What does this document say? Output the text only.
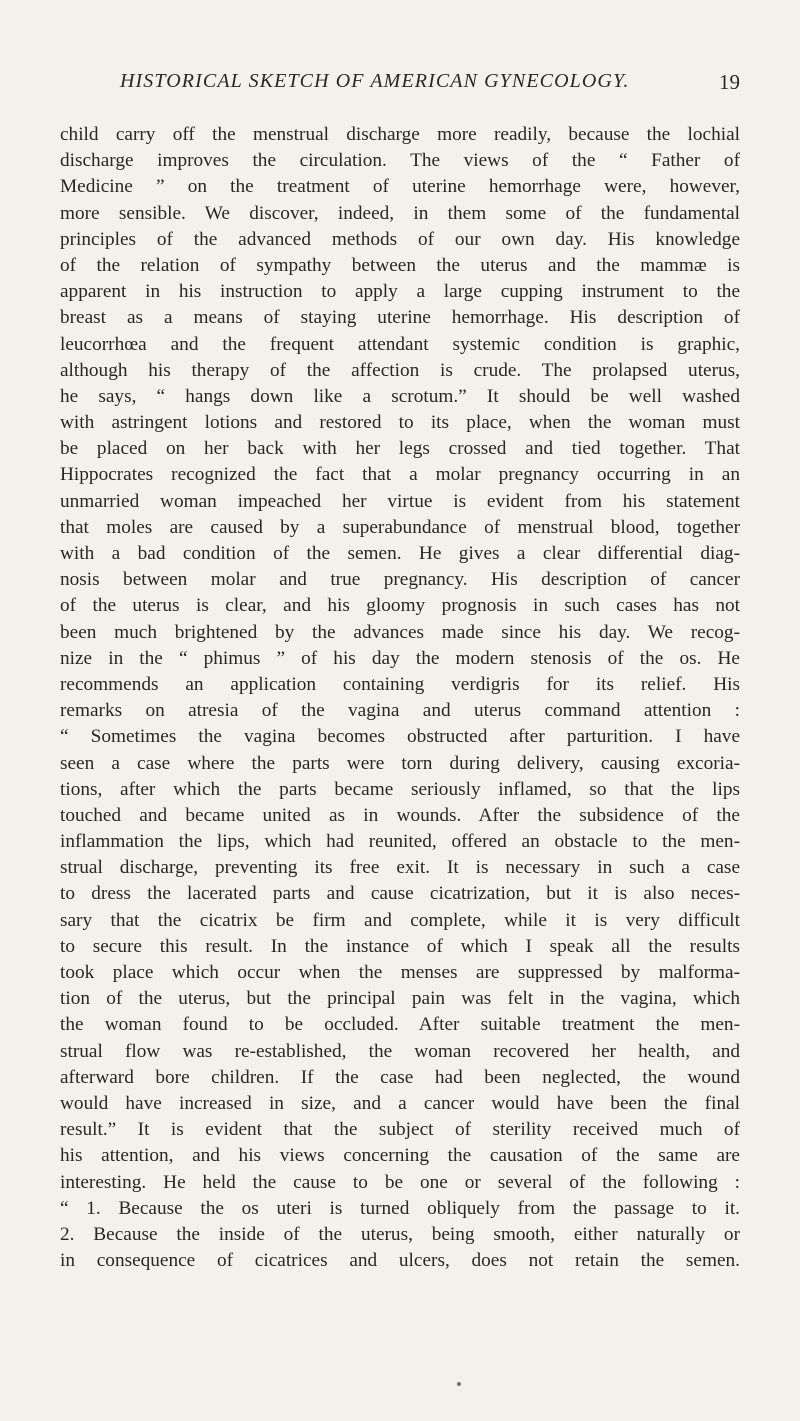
HISTORICAL SKETCH OF AMERICAN GYNECOLOGY.	19
child carry off the menstrual discharge more readily, because the lochial
discharge improves the circulation. The views of the “ Father of
Medicine ” on the treatment of uterine hemorrhage were, however,
more sensible. We discover, indeed, in them some of the fundamental
principles of the advanced methods of our own day. His knowledge
of the relation of sympathy between the uterus and the mammæ is
apparent in his instruction to apply a large cupping instrument to the
breast as a means of staying uterine hemorrhage. His description of
leucorrhœa and the frequent attendant systemic condition is graphic,
although his therapy of the affection is crude. The prolapsed uterus,
he says, “ hangs down like a scrotum.” It should be well washed
with astringent lotions and restored to its place, when the woman must
be placed on her back with her legs crossed and tied together. That
Hippocrates recognized the fact that a molar pregnancy occurring in an
unmarried woman impeached her virtue is evident from his statement
that moles are caused by a superabundance of menstrual blood, together
with a bad condition of the semen. He gives a clear differential diag-
nosis between molar and true pregnancy. His description of cancer
of the uterus is clear, and his gloomy prognosis in such cases has not
been much brightened by the advances made since his day. We recog-
nize in the “ phimus ” of his day the modern stenosis of the os. He
recommends an application containing verdigris for its relief. His
remarks on atresia of the vagina and uterus command attention :
“ Sometimes the vagina becomes obstructed after parturition. I have
seen a case where the parts were torn during delivery, causing excoria-
tions, after which the parts became seriously inflamed, so that the lips
touched and became united as in wounds. After the subsidence of the
inflammation the lips, which had reunited, offered an obstacle to the men-
strual discharge, preventing its free exit. It is necessary in such a case
to dress the lacerated parts and cause cicatrization, but it is also neces-
sary that the cicatrix be firm and complete, while it is very difficult
to secure this result. In the instance of which I speak all the results
took place which occur when the menses are suppressed by malforma-
tion of the uterus, but the principal pain was felt in the vagina, which
the woman found to be occluded. After suitable treatment the men-
strual flow was re-established, the woman recovered her health, and
afterward bore children. If the case had been neglected, the wound
would have increased in size, and a cancer would have been the final
result.” It is evident that the subject of sterility received much of
his attention, and his views concerning the causation of the same are
interesting. He held the cause to be one or several of the following :
“ 1. Because the os uteri is turned obliquely from the passage to it.
2. Because the inside of the uterus, being smooth, either naturally or
in consequence of cicatrices and ulcers, does not retain the semen.
